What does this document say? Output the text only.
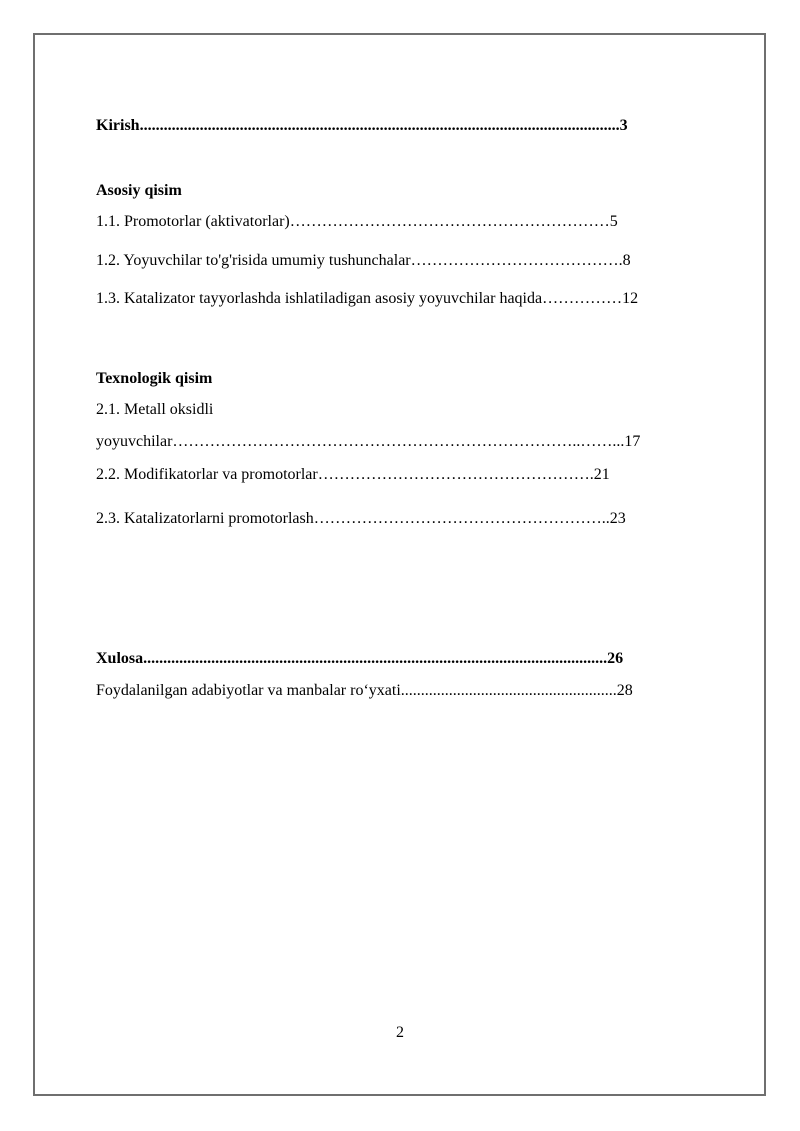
Kirish........................................................................................................................3
Asosiy qisim
1.1. Promotorlar (aktivatorlar)……………………………………………………5
1.2. Yoyuvchilar to'g'risida umumiy tushunchalar………………………………….8
1.3. Katalizator tayyorlashda ishlatiladigan asosiy yoyuvchilar haqida……………12
Texnologik qisim
2.1. Metall oksidli
yoyuvchilar…………………………………………………………………..……...17
2.2. Modifikatorlar va promotorlar…………………………………………….21
2.3. Katalizatorlarni promotorlash………………………………………………..23
Xulosa....................................................................................................................26
Foydalanilgan adabiyotlar va manbalar ro‘yxati......................................................28
2
